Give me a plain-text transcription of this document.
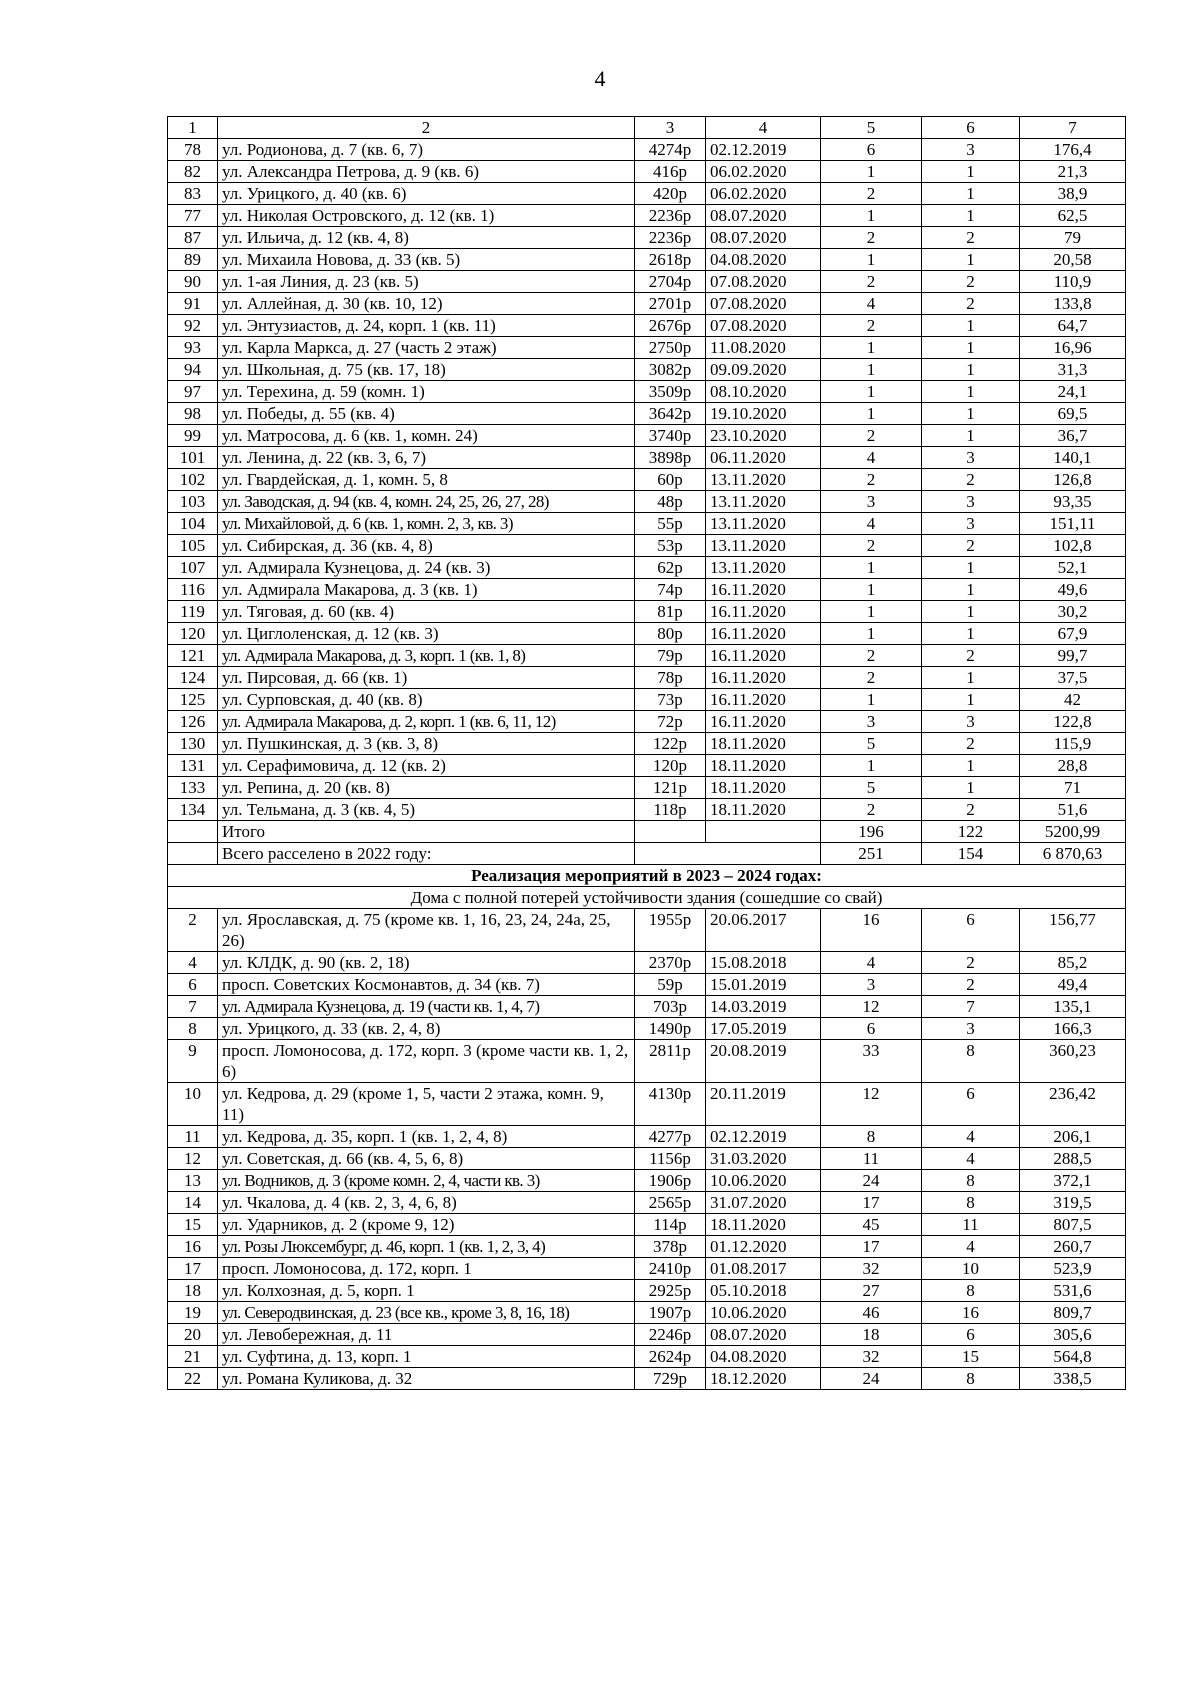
4
1	2	3	4	5	6	7
78	ул. Родионова, д. 7 (кв. 6, 7)	4274р	02.12.2019	6	3	176,4
82	ул. Александра Петрова, д. 9 (кв. 6)	416р	06.02.2020	1	1	21,3
83	ул. Урицкого, д. 40 (кв. 6)	420р	06.02.2020	2	1	38,9
77	ул. Николая Островского, д. 12 (кв. 1)	2236р	08.07.2020	1	1	62,5
87	ул. Ильича, д. 12 (кв. 4, 8)	2236р	08.07.2020	2	2	79
89	ул. Михаила Новова, д. 33 (кв. 5)	2618р	04.08.2020	1	1	20,58
90	ул. 1-ая Линия, д. 23 (кв. 5)	2704р	07.08.2020	2	2	110,9
91	ул. Аллейная, д. 30 (кв. 10, 12)	2701р	07.08.2020	4	2	133,8
92	ул. Энтузиастов, д. 24, корп. 1 (кв. 11)	2676р	07.08.2020	2	1	64,7
93	ул. Карла Маркса, д. 27 (часть 2 этаж)	2750р	11.08.2020	1	1	16,96
94	ул. Школьная, д. 75 (кв. 17, 18)	3082р	09.09.2020	1	1	31,3
97	ул. Терехина, д. 59 (комн. 1)	3509р	08.10.2020	1	1	24,1
98	ул. Победы, д. 55 (кв. 4)	3642р	19.10.2020	1	1	69,5
99	ул. Матросова, д. 6 (кв. 1, комн. 24)	3740р	23.10.2020	2	1	36,7
101	ул. Ленина, д. 22 (кв. 3, 6, 7)	3898р	06.11.2020	4	3	140,1
102	ул. Гвардейская, д. 1, комн. 5, 8	60р	13.11.2020	2	2	126,8
103	ул. Заводская, д. 94 (кв. 4, комн. 24, 25, 26, 27, 28)	48р	13.11.2020	3	3	93,35
104	ул. Михайловой, д. 6 (кв. 1, комн. 2, 3, кв. 3)	55р	13.11.2020	4	3	151,11
105	ул. Сибирская, д. 36 (кв. 4, 8)	53р	13.11.2020	2	2	102,8
107	ул. Адмирала Кузнецова, д. 24 (кв. 3)	62р	13.11.2020	1	1	52,1
116	ул. Адмирала Макарова, д. 3 (кв. 1)	74р	16.11.2020	1	1	49,6
119	ул. Тяговая, д. 60 (кв. 4)	81р	16.11.2020	1	1	30,2
120	ул. Циглоленская, д. 12 (кв. 3)	80р	16.11.2020	1	1	67,9
121	ул. Адмирала Макарова, д. 3, корп. 1 (кв. 1, 8)	79р	16.11.2020	2	2	99,7
124	ул. Пирсовая, д. 66 (кв. 1)	78р	16.11.2020	2	1	37,5
125	ул. Сурповская, д. 40 (кв. 8)	73р	16.11.2020	1	1	42
126	ул. Адмирала Макарова, д. 2, корп. 1 (кв. 6, 11, 12)	72р	16.11.2020	3	3	122,8
130	ул. Пушкинская, д. 3 (кв. 3, 8)	122р	18.11.2020	5	2	115,9
131	ул. Серафимовича, д. 12 (кв. 2)	120р	18.11.2020	1	1	28,8
133	ул. Репина, д. 20 (кв. 8)	121р	18.11.2020	5	1	71
134	ул. Тельмана, д. 3 (кв. 4, 5)	118р	18.11.2020	2	2	51,6
	Итого			196	122	5200,99
	Всего расселено в 2022 году:			251	154	6 870,63
Реализация мероприятий в 2023 – 2024 годах:						
Дома с полной потерей устойчивости здания (сошедшие со свай)						
2	ул. Ярославская, д. 75 (кроме кв. 1, 16, 23, 24, 24а, 25, 26)	1955р	20.06.2017	16	6	156,77
4	ул. КЛДК, д. 90 (кв. 2, 18)	2370р	15.08.2018	4	2	85,2
6	просп. Советских Космонавтов, д. 34 (кв. 7)	59р	15.01.2019	3	2	49,4
7	ул. Адмирала Кузнецова, д. 19 (части кв. 1, 4, 7)	703р	14.03.2019	12	7	135,1
8	ул. Урицкого, д. 33 (кв. 2, 4, 8)	1490р	17.05.2019	6	3	166,3
9	просп. Ломоносова, д. 172, корп. 3 (кроме части кв. 1, 2, 6)	2811р	20.08.2019	33	8	360,23
10	ул. Кедрова, д. 29 (кроме 1, 5, части 2 этажа, комн. 9, 11)	4130р	20.11.2019	12	6	236,42
11	ул. Кедрова, д. 35, корп. 1 (кв. 1, 2, 4, 8)	4277р	02.12.2019	8	4	206,1
12	ул. Советская, д. 66 (кв. 4, 5, 6, 8)	1156р	31.03.2020	11	4	288,5
13	ул. Водников, д. 3 (кроме комн. 2, 4, части кв. 3)	1906р	10.06.2020	24	8	372,1
14	ул. Чкалова, д. 4 (кв. 2, 3, 4, 6, 8)	2565р	31.07.2020	17	8	319,5
15	ул. Ударников, д. 2 (кроме 9, 12)	114р	18.11.2020	45	11	807,5
16	ул. Розы Люксембург, д. 46, корп. 1 (кв. 1, 2, 3, 4)	378р	01.12.2020	17	4	260,7
17	просп. Ломоносова, д. 172, корп. 1	2410р	01.08.2017	32	10	523,9
18	ул. Колхозная, д. 5, корп. 1	2925р	05.10.2018	27	8	531,6
19	ул. Северодвинская, д. 23 (все кв., кроме 3, 8, 16, 18)	1907р	10.06.2020	46	16	809,7
20	ул. Левобережная, д. 11	2246р	08.07.2020	18	6	305,6
21	ул. Суфтина, д. 13, корп. 1	2624р	04.08.2020	32	15	564,8
22	ул. Романа Куликова, д. 32	729р	18.12.2020	24	8	338,5
